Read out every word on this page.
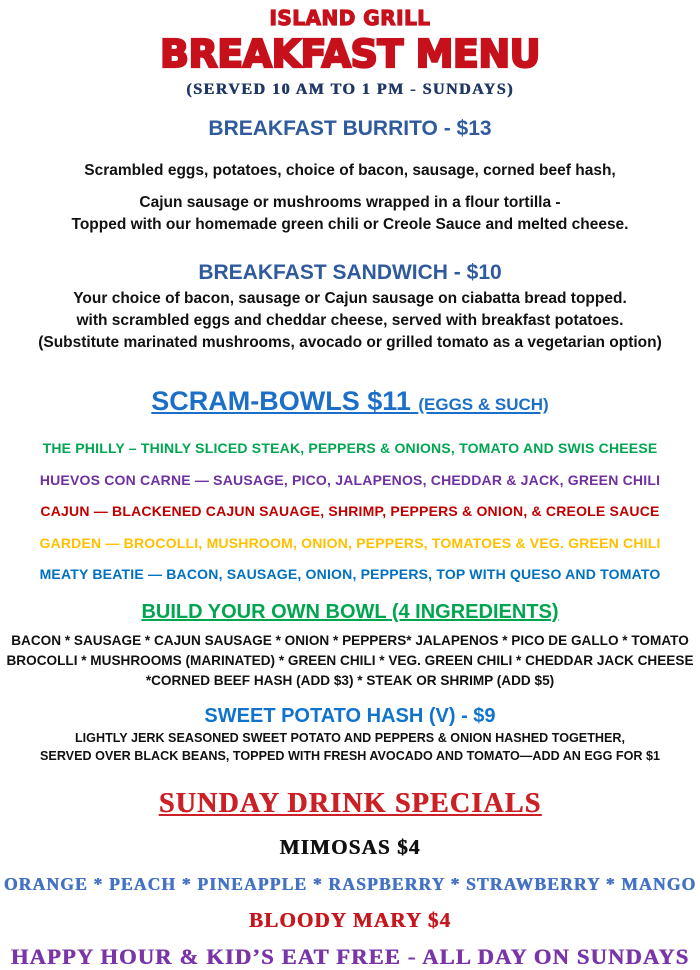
ISLAND GRILL
BREAKFAST MENU
(SERVED 10 AM TO 1 PM - SUNDAYS)
BREAKFAST BURRITO - $13
Scrambled eggs, potatoes, choice of bacon, sausage, corned beef hash,
Cajun sausage or mushrooms wrapped in a flour tortilla -
Topped with our homemade green chili or Creole Sauce and melted cheese.
BREAKFAST SANDWICH - $10
Your choice of bacon, sausage or Cajun sausage on ciabatta bread topped.
with scrambled eggs and cheddar cheese, served with breakfast potatoes.
(Substitute marinated mushrooms, avocado or grilled tomato as a vegetarian option)
SCRAM-BOWLS $11 (EGGS & SUCH)
THE PHILLY – THINLY SLICED STEAK, PEPPERS & ONIONS, TOMATO AND SWIS CHEESE
HUEVOS CON CARNE — SAUSAGE, PICO, JALAPENOS, CHEDDAR & JACK, GREEN CHILI
CAJUN — BLACKENED CAJUN SAUAGE, SHRIMP, PEPPERS & ONION, & CREOLE SAUCE
GARDEN — BROCOLLI, MUSHROOM, ONION, PEPPERS, TOMATOES & VEG. GREEN CHILI
MEATY BEATIE — BACON, SAUSAGE, ONION, PEPPERS, TOP WITH QUESO AND TOMATO
BUILD YOUR OWN BOWL (4 INGREDIENTS)
BACON * SAUSAGE * CAJUN SAUSAGE * ONION * PEPPERS* JALAPENOS * PICO DE GALLO * TOMATO
BROCOLLI * MUSHROOMS (MARINATED) * GREEN CHILI * VEG. GREEN CHILI * CHEDDAR JACK CHEESE
*CORNED BEEF HASH (ADD $3) * STEAK OR SHRIMP (ADD $5)
SWEET POTATO HASH (V) - $9
LIGHTLY JERK SEASONED SWEET POTATO AND PEPPERS & ONION HASHED TOGETHER,
SERVED OVER BLACK BEANS, TOPPED WITH FRESH AVOCADO AND TOMATO—ADD AN EGG FOR $1
SUNDAY DRINK SPECIALS
MIMOSAS $4
ORANGE * PEACH * PINEAPPLE * RASPBERRY * STRAWBERRY * MANGO
BLOODY MARY $4
HAPPY HOUR & KID’S EAT FREE - ALL DAY ON SUNDAYS
